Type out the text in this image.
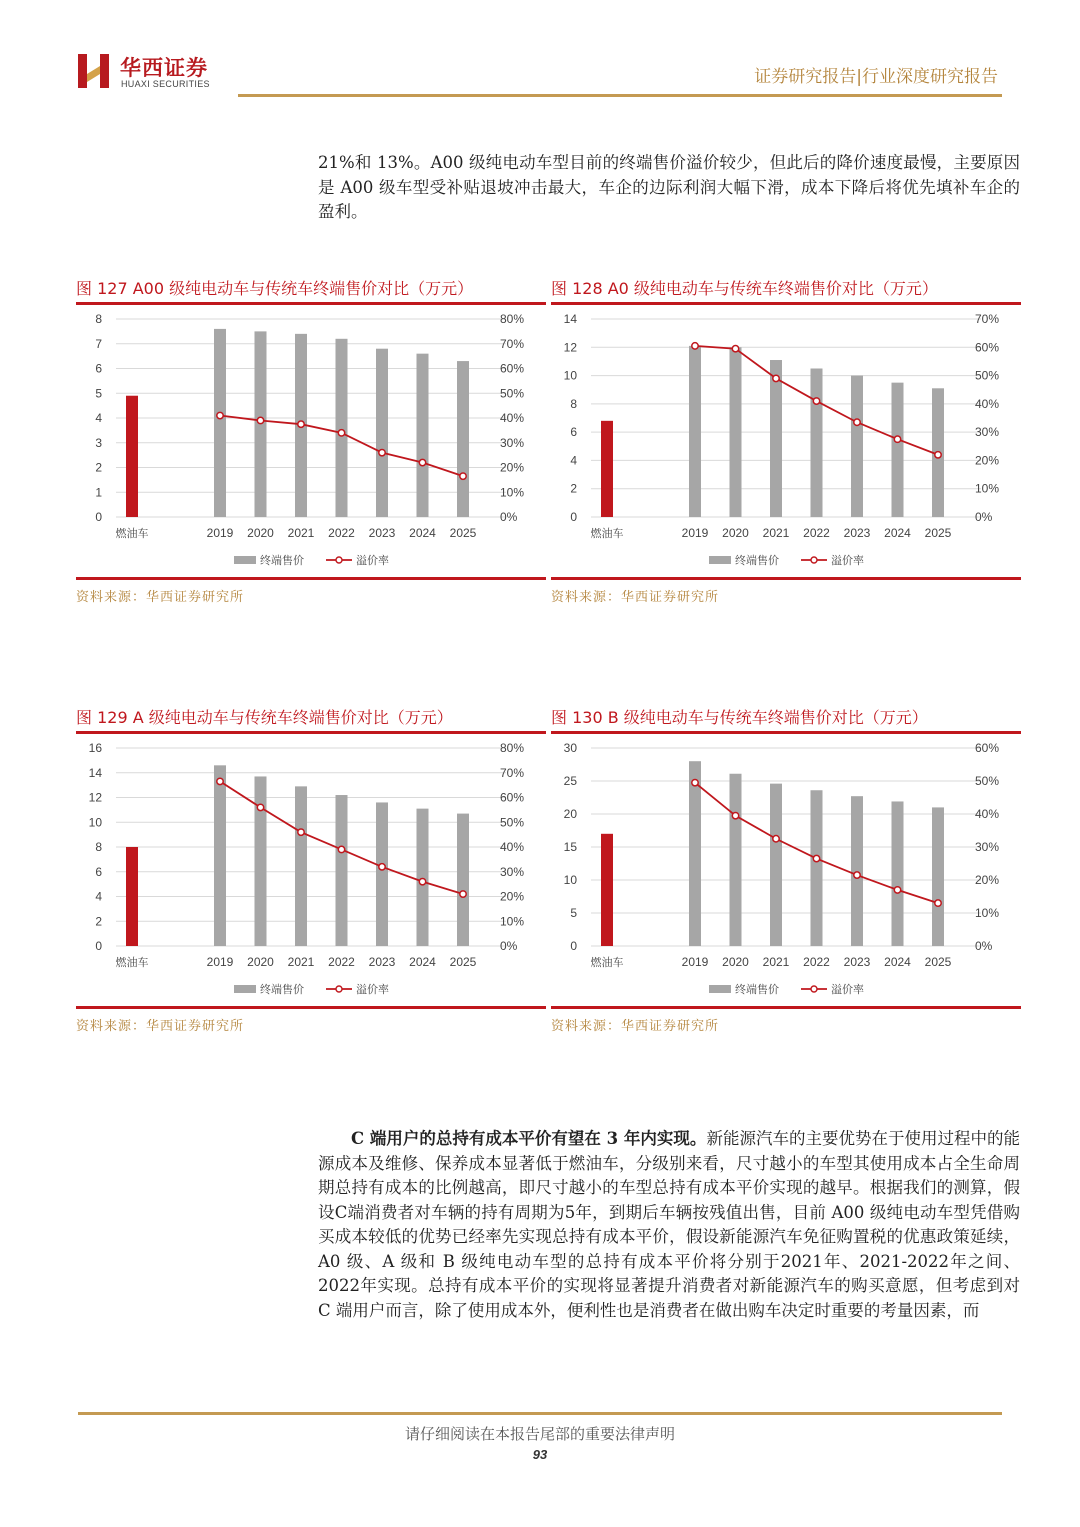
华西证券
HUAXI SECURITIES	证券研究报告|行业深度研究报告
21%和 13%。A00 级纯电动车型目前的终端售价溢价较少，但此后的降价速度最慢，主要原因是 A00 级车型受补贴退坡冲击最大，车企的边际利润大幅下滑，成本下降后将优先填补车企的盈利。
图 127 A00 级纯电动车与传统车终端售价对比（万元）
8
7
6
5
4
3
2
1
0
80%
70%
60%
50%
40%
30%
20%
10%
0%
燃油车	2019 2020 2021 2022 2023 2024 2025
终端售价	溢价率
资料来源：华西证券研究所
图 128 A0 级纯电动车与传统车终端售价对比（万元）
14
12
10
8
6
4
2
0
70%
60%
50%
40%
30%
20%
10%
0%
燃油车	2019 2020 2021 2022 2023 2024 2025
终端售价	溢价率
资料来源：华西证券研究所
图 129 A 级纯电动车与传统车终端售价对比（万元）
16
14
12
10
8
6
4
2
0
80%
70%
60%
50%
40%
30%
20%
10%
0%
燃油车	2019 2020 2021 2022 2023 2024 2025
终端售价	溢价率
资料来源：华西证券研究所
图 130 B 级纯电动车与传统车终端售价对比（万元）
30
25
20
15
10
5
0
60%
50%
40%
30%
20%
10%
0%
燃油车	2019 2020 2021 2022 2023 2024 2025
终端售价	溢价率
资料来源：华西证券研究所
C 端用户的总持有成本平价有望在 3 年内实现。新能源汽车的主要优势在于使用过程中的能源成本及维修、保养成本显著低于燃油车，分级别来看，尺寸越小的车型其使用成本占全生命周期总持有成本的比例越高，即尺寸越小的车型总持有成本平价实现的越早。根据我们的测算，假设C端消费者对车辆的持有周期为5年，到期后车辆按残值出售，目前 A00 级纯电动车型凭借购买成本较低的优势已经率先实现总持有成本平价，假设新能源汽车免征购置税的优惠政策延续，A0 级、A 级和 B 级纯电动车型的总持有成本平价将分别于2021年、2021-2022年之间、2022年实现。总持有成本平价的实现将显著提升消费者对新能源汽车的购买意愿，但考虑到对 C 端用户而言，除了使用成本外，便利性也是消费者在做出购车决定时重要的考量因素，而
请仔细阅读在本报告尾部的重要法律声明
93
